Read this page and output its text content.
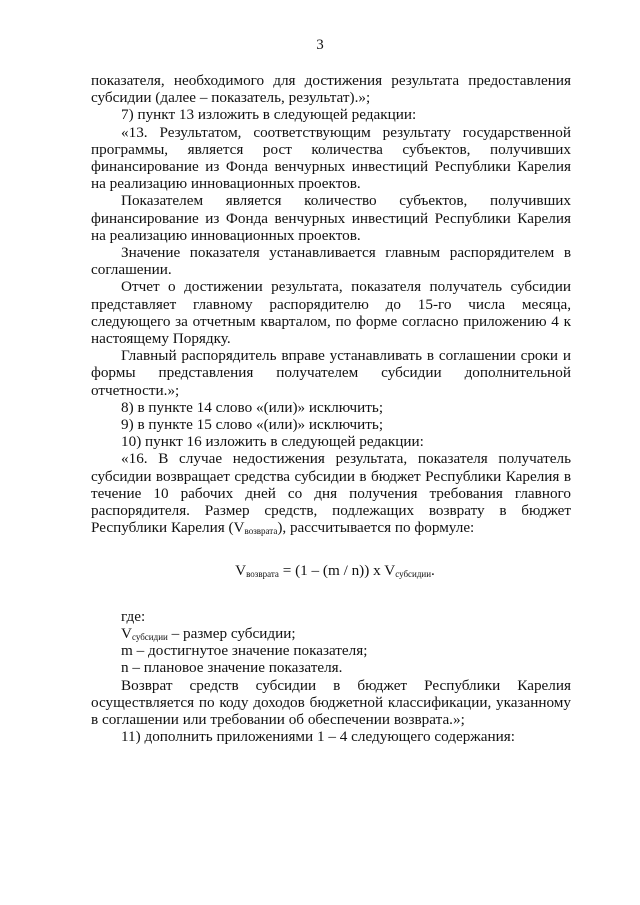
3

показателя, необходимого для достижения результата предоставления субсидии (далее – показатель, результат).»;

7) пункт 13 изложить в следующей редакции:

«13. Результатом, соответствующим результату государственной программы, является рост количества субъектов, получивших финансирование из Фонда венчурных инвестиций Республики Карелия на реализацию инновационных проектов.

Показателем является количество субъектов, получивших финансирование из Фонда венчурных инвестиций Республики Карелия на реализацию инновационных проектов.

Значение показателя устанавливается главным распорядителем в соглашении.

Отчет о достижении результата, показателя получатель субсидии представляет главному распорядителю до 15-го числа месяца, следующего за отчетным кварталом, по форме согласно приложению 4 к настоящему Порядку.

Главный распорядитель вправе устанавливать в соглашении сроки и формы представления получателем субсидии дополнительной отчетности.»;

8) в пункте 14 слово «(или)» исключить;

9) в пункте 15 слово «(или)» исключить;

10) пункт 16 изложить в следующей редакции:

«16. В случае недостижения результата, показателя получатель субсидии возвращает средства субсидии в бюджет Республики Карелия в течение 10 рабочих дней со дня получения требования главного распорядителя. Размер средств, подлежащих возврату в бюджет Республики Карелия $(V_{возврата})$, рассчитывается по формуле:

$V_{возврата} = (1 - (m / n))$ x $V_{субсидии}$.

где:

$V_{субсидии}$ – размер субсидии;

m – достигнутое значение показателя;

n – плановое значение показателя.

Возврат средств субсидии в бюджет Республики Карелия осуществляется по коду доходов бюджетной классификации, указанному в соглашении или требовании об обеспечении возврата.»;

11) дополнить приложениями 1 – 4 следующего содержания:
